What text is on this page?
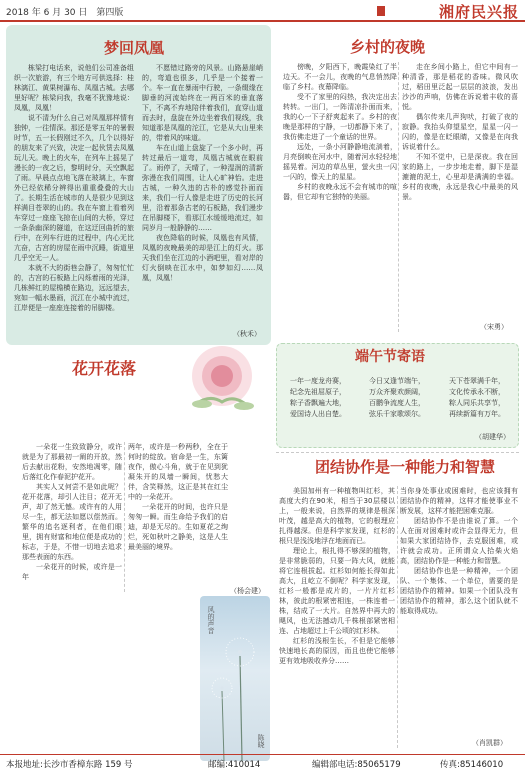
2018 年 6 月 30 日　第四版	湘府民兴报
梦回凤凰

栋梁打电话来，说他们公司准备组织一次旅游，有三个地方可供选择：桂林漓江、黄果树瀑布、凤凰古城。去哪里好呢？栋梁问我，我毫不犹豫地说：凤凰，凤凰！

说不清为什么自己对凤凰那样情有独钟，一往情深。那还是零五年的暑假时节，五一长假刚过不久，几个以得好的朋友来了兴致，决定一起伙赁去凤凰玩儿天。晚上的火车，在列车上摇晃了漫长的一夜之后，黎明时分，天空飘起了雨。早晨点点地飞落在玻璃上，车窗外已经依稀分辨得出重重叠叠的大山了。长期生活在城市的人是很少见到这样满目苍翠的山的。我在车窗上看着列车穿过一座座飞掠在山间的大桥，穿过一条条幽深的隧道，在这迂回曲折的旅行中，在列车行进的过程中，内心无比亢奋，古宫的房屋在雨中沉睡，街道里几乎空无一人。

本就不大的街巷会静了，匆匆忙忙的，古宫的石板路上闪烁着雨的光泽，几栋鲜红的屋檐横在路边，远远望去，宛如一幅水墨画，沉江在小城中流过，江岸便是一座座连接着的吊脚楼。

不愿错过路旁的风景。山路悬崖峭的，弯道也很多，几乎是一个接着一个。车一直在暴雨中行驶，一条缀缘在脚垂的河流始终在一两百米的垂直落下，不离不弃地陪伴着我们，直穿山道而去时，盘旋在外边坐着我们视线，我知道那是凤凰的沱江，它是从大山里来的，带着风的味道。

车在山道上盘旋了一个多小时，再转过最后一道弯，凤凰古城就在眼前了。雨停了，天晴了，一种湿润的清新弥漫在我们周围，让人心旷神怡。走进古城，一种久违的古朴的感觉扑面而来，我们一行人像是走进了历史的长河里，沿着那条古老的石板路，我们漫步在吊脚楼下，看那江水缓缓地流过，如同岁月一般静静的……

夜色降临的时候，凤凰也有风情，凤凰的夜晚最美的却是江上的灯火。那天我们坐在江边的小酒吧里，看对岸的灯火倒映在江水中，如梦如幻……凤凰，凤凰！

（秋禾）
乡村的夜晚

傍晚，夕阳西下，晚霞染红了半边天。不一会儿，夜晚的气息悄然降临了乡村。夜幕降临。

受不了家里的闷热，我决定出去转转。一出门，一阵清凉扑面而来，我的心一下子舒爽起来了。乡村的夜晚是那样的宁静，一切都静下来了，我仿佛走进了一个童话的世界。

远处，一条小河静静地流淌着，月亮倒映在河水中，随着河水轻轻地摇晃着。河边的草丛里，萤火虫一闪一闪的，像天上的星星。

乡村的夜晚永远不会有城市的喧嚣，但它却有它独特的美丽。

走在乡间小路上，但它中间有一种清香，那是稻花的香味。微风吹过，稻田里泛起一层层的波浪，发出沙沙的声响，仿佛在诉说着丰收的喜悦。

偶尔传来几声狗吠，打破了夜的寂静。我抬头仰望星空，星星一闪一闪的，像是在眨眼睛，又像是在向我诉说着什么。

不知不觉中，已是深夜。我在回家的路上，一步步地走着，脚下是湿漉漉的泥土，心里却是满满的幸福。乡村的夜晚，永远是我心中最美的风景。

（宋勇）
端午节寄语
一年一度龙舟赛，
纪念先祖屈原子，
粽子香飘遍大地，
爱国诗人出自楚。
今日又逢节端午，
万众齐聚欢颜阔，
百鹏争流度人生，
弦乐千家歌颂尔。
天下苍翠满千年，
文化传承永不断，
粽人同乐共享节，
再续新篇有万年。
（胡建华）
花开花落

一朵花一生致致静分，或许就是为了那最初一阐的开放，然后去献出花粉，安然地凋零，随后落红化作春泥护花开。

其实人又何尝不是如此呢？花开花落，却引人注目；花开无声，却了然无憾。或许有的人用尽一生，都无法如愿以偿然而。繁华的追名逐利者，在他们眼里，拥有财富和地位便是成功的标志，于是，不惜一切地去追求那些表面的东西。

一朵花开的时候，或许是一年

两年，或许是一秒两秒，全在于何时的绽放。宿命是一生，东篱夜作，傲心斗角，就于在见到犹凝朱开的凤墙一瞬间，忧愁大伴，含笑释然，这正是其在红尘中的一朵花开。

一朵花开的时间，也许只是匆匆一瞬。而生命给予我们的启迪，却是无尽的。生如夏花之绚烂，死如秋叶之静美，这是人生最美丽的境界。

（杨会建）
风的声音
陈晓
团结协作是一种能力和智慧

美国加州有一种植物叫红杉，其高度大约在90米，相当于30层楼以上，一般来说，自然界的规律是根深叶茂，越是高大的植物，它的根理应扎得越深。但是科学家发现，红杉的根只是浅浅地浮在地面而已。

理论上，根扎得不够深的植物，是非常脆弱的，只要一阵大风，就能将它连根拔起。红杉如何能长得如此高大，且屹立不倒呢？科学家发现，红杉一般都是成片的，一片片红杉林，彼此的根紧密相连，一株连着一株，结成了一大片。自然界中再大的飓风，也无法撼动几千株根部紧密相连、占地超过上千公顷的红杉林。

红杉的浅根生长，不但是它能够快速地长高的原因，而且也使它能够更有效地吸收养分……

当你身处事业或困难时，也应该拥有团结协作的精神，这样才能使事业不断发展，这样才能把困难克服。

团结协作不是由谁说了算。一个人在面对困难时或许会显得无力，但如果大家团结协作，去克服困难，或许就会成功。正所谓众人拾柴火焰高，团结协作是一种能力和智慧。

团结协作也是一种精神，一个团队、一个集体、一个单位，需要的是团结协作的精神。如果一个团队没有团结协作的精神，那么这个团队就不能取得成功。

（肖凯群）
本报地址:长沙市香樟东路 159 号	邮编:410014	编辑部电话:85065179	传真:85146010
